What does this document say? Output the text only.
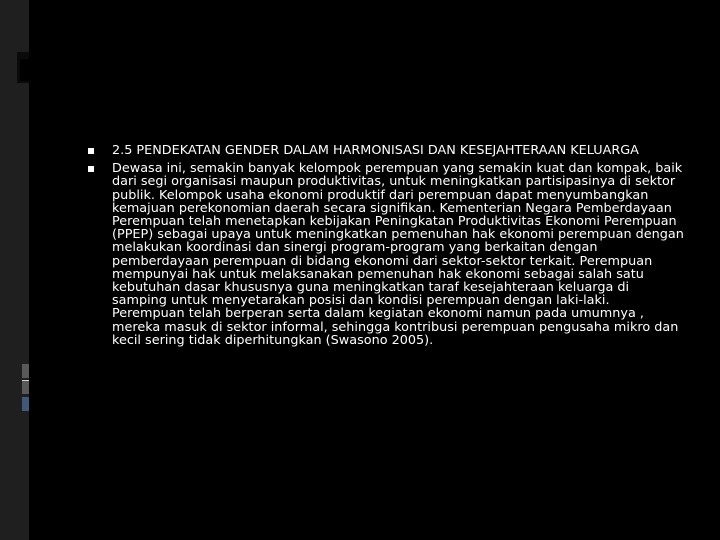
2.5 PENDEKATAN GENDER DALAM HARMONISASI DAN KESEJAHTERAAN KELUARGA
Dewasa ini, semakin banyak kelompok perempuan yang semakin kuat dan kompak, baik dari segi organisasi maupun produktivitas, untuk meningkatkan partisipasinya di sektor publik. Kelompok usaha ekonomi produktif dari perempuan dapat menyumbangkan kemajuan perekonomian daerah secara signifikan. Kementerian Negara Pemberdayaan Perempuan telah menetapkan kebijakan Peningkatan Produktivitas Ekonomi Perempuan (PPEP) sebagai upaya untuk meningkatkan pemenuhan hak ekonomi perempuan dengan melakukan koordinasi dan sinergi program-program yang berkaitan dengan pemberdayaan perempuan di bidang ekonomi dari sektor-sektor terkait. Perempuan mempunyai hak untuk melaksanakan pemenuhan hak ekonomi sebagai salah satu kebutuhan dasar khususnya guna meningkatkan taraf kesejahteraan keluarga di samping untuk menyetarakan posisi dan kondisi perempuan dengan laki-laki. Perempuan telah berperan serta dalam kegiatan ekonomi namun pada umumnya , mereka masuk di sektor informal, sehingga kontribusi perempuan pengusaha mikro dan kecil sering tidak diperhitungkan (Swasono 2005).
